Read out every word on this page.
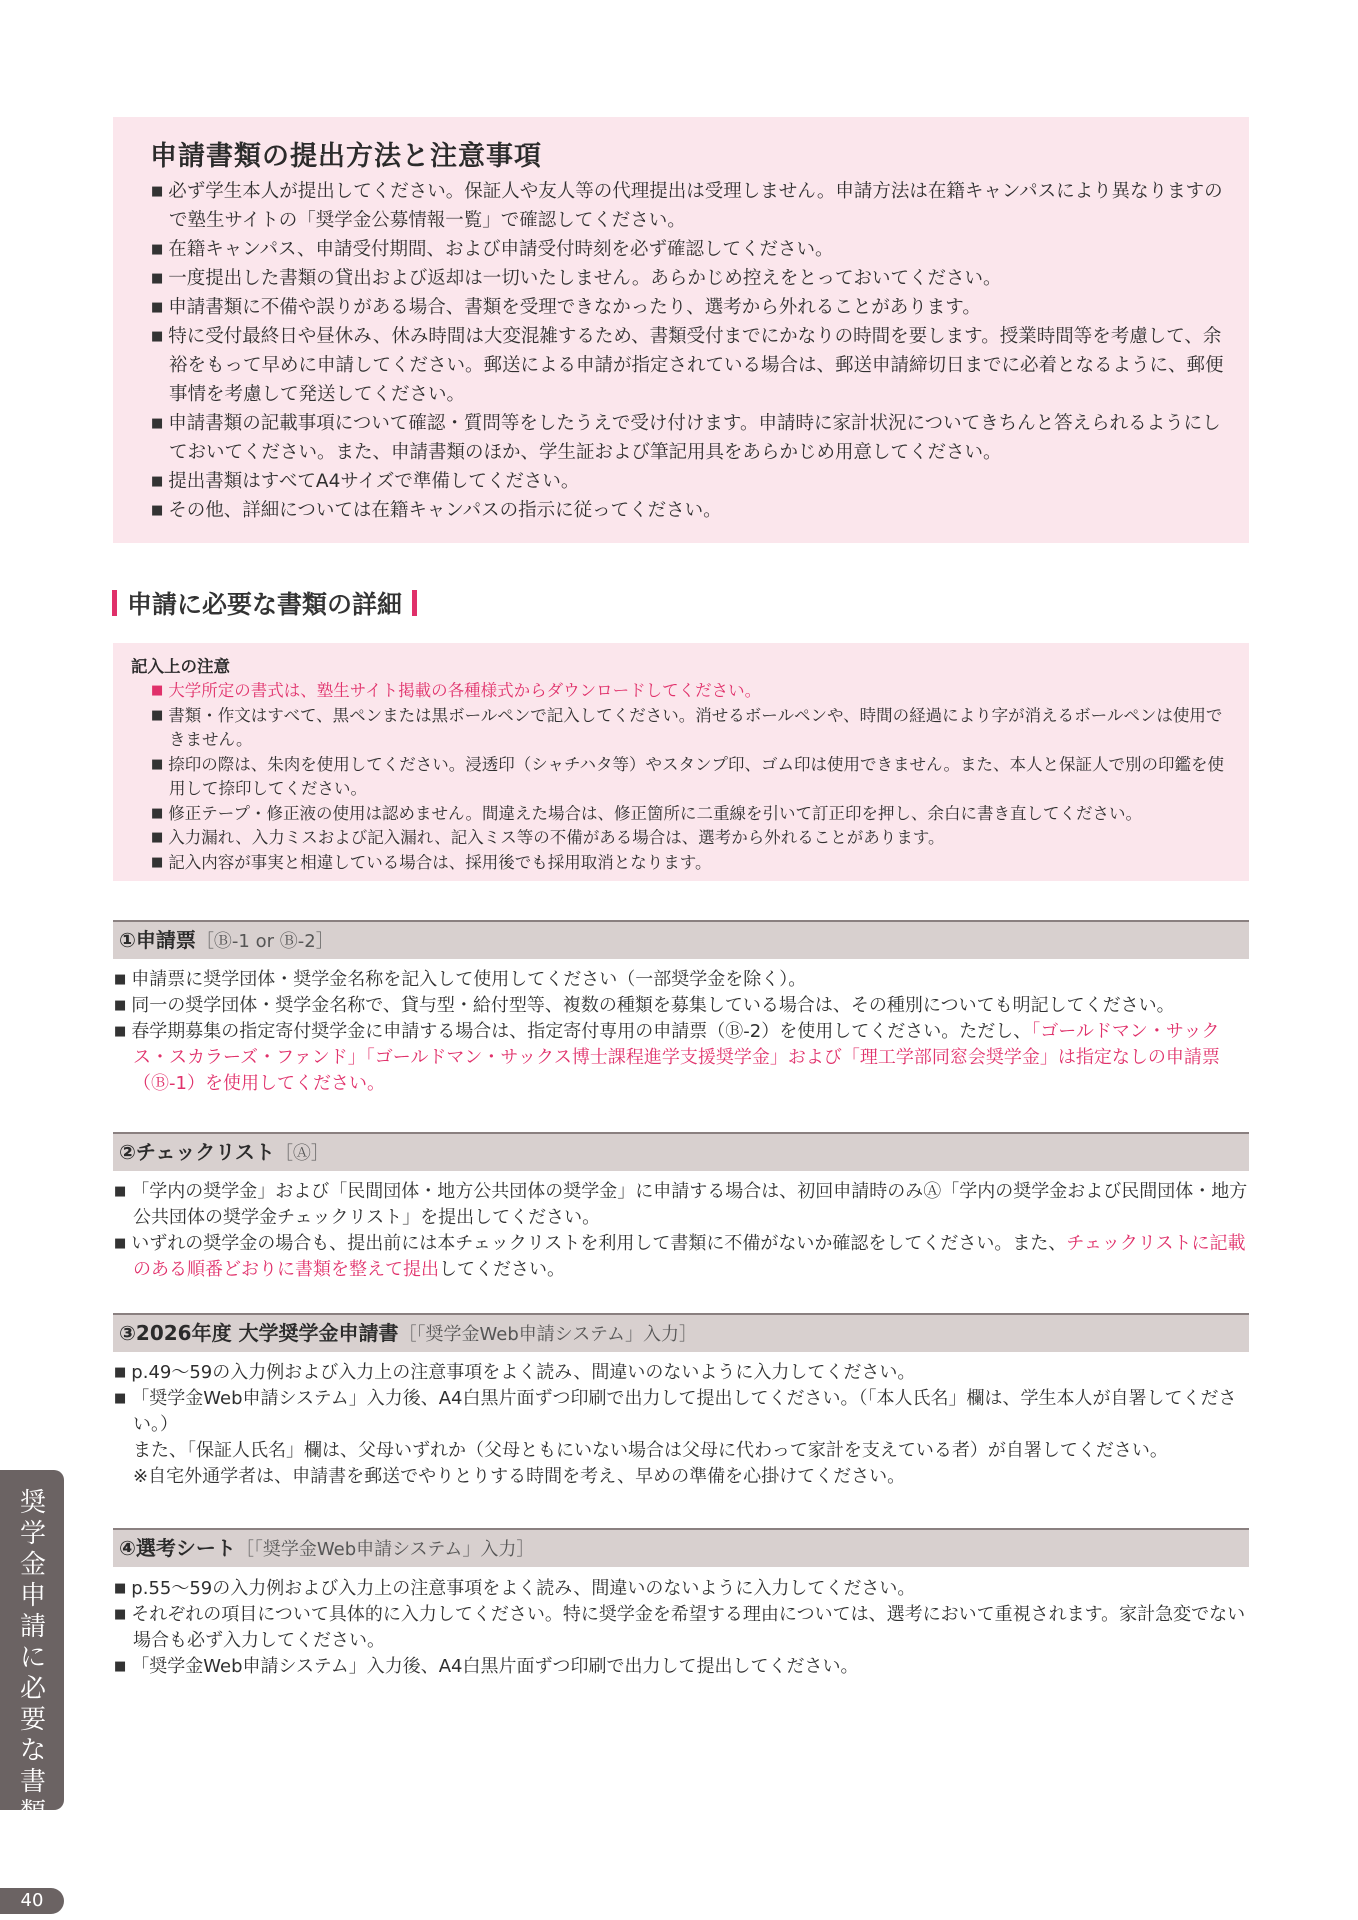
申請書類の提出方法と注意事項
■ 必ず学生本人が提出してください。保証人や友人等の代理提出は受理しません。申請方法は在籍キャンパスにより異なりますので塾生サイトの「奨学金公募情報一覧」で確認してください。
■ 在籍キャンパス、申請受付期間、および申請受付時刻を必ず確認してください。
■ 一度提出した書類の貸出および返却は一切いたしません。あらかじめ控えをとっておいてください。
■ 申請書類に不備や誤りがある場合、書類を受理できなかったり、選考から外れることがあります。
■ 特に受付最終日や昼休み、休み時間は大変混雑するため、書類受付までにかなりの時間を要します。授業時間等を考慮して、余裕をもって早めに申請してください。郵送による申請が指定されている場合は、郵送申請締切日までに必着となるように、郵便事情を考慮して発送してください。
■ 申請書類の記載事項について確認・質問等をしたうえで受け付けます。申請時に家計状況についてきちんと答えられるようにしておいてください。また、申請書類のほか、学生証および筆記用具をあらかじめ用意してください。
■ 提出書類はすべてA4サイズで準備してください。
■ その他、詳細については在籍キャンパスの指示に従ってください。
申請に必要な書類の詳細
記入上の注意
■ 大学所定の書式は、塾生サイト掲載の各種様式からダウンロードしてください。
■ 書類・作文はすべて、黒ペンまたは黒ボールペンで記入してください。消せるボールペンや、時間の経過により字が消えるボールペンは使用できません。
■ 捺印の際は、朱肉を使用してください。浸透印（シャチハタ等）やスタンプ印、ゴム印は使用できません。また、本人と保証人で別の印鑑を使用して捺印してください。
■ 修正テープ・修正液の使用は認めません。間違えた場合は、修正箇所に二重線を引いて訂正印を押し、余白に書き直してください。
■ 入力漏れ、入力ミスおよび記入漏れ、記入ミス等の不備がある場合は、選考から外れることがあります。
■ 記入内容が事実と相違している場合は、採用後でも採用取消となります。
①申請票［Ⓑ-1 or Ⓑ-2］
■ 申請票に奨学団体・奨学金名称を記入して使用してください（一部奨学金を除く）。
■ 同一の奨学団体・奨学金名称で、貸与型・給付型等、複数の種類を募集している場合は、その種別についても明記してください。
■ 春学期募集の指定寄付奨学金に申請する場合は、指定寄付専用の申請票（Ⓑ-2）を使用してください。ただし、「ゴールドマン・サックス・スカラーズ・ファンド」「ゴールドマン・サックス博士課程進学支援奨学金」および「理工学部同窓会奨学金」は指定なしの申請票（Ⓑ-1）を使用してください。
②チェックリスト［Ⓐ］
■ 「学内の奨学金」および「民間団体・地方公共団体の奨学金」に申請する場合は、初回申請時のみⒶ「学内の奨学金および民間団体・地方公共団体の奨学金チェックリスト」を提出してください。
■ いずれの奨学金の場合も、提出前には本チェックリストを利用して書類に不備がないか確認をしてください。また、チェックリストに記載のある順番どおりに書類を整えて提出してください。
③2026年度 大学奨学金申請書［「奨学金Web申請システム」入力］
■ p.49～59の入力例および入力上の注意事項をよく読み、間違いのないように入力してください。
■ 「奨学金Web申請システム」入力後、A4白黒片面ずつ印刷で出力して提出してください。（「本人氏名」欄は、学生本人が自署してください。）
また、「保証人氏名」欄は、父母いずれか（父母ともにいない場合は父母に代わって家計を支えている者）が自署してください。
※自宅外通学者は、申請書を郵送でやりとりする時間を考え、早めの準備を心掛けてください。
④選考シート［「奨学金Web申請システム」入力］
■ p.55～59の入力例および入力上の注意事項をよく読み、間違いのないように入力してください。
■ それぞれの項目について具体的に入力してください。特に奨学金を希望する理由については、選考において重視されます。家計急変でない場合も必ず入力してください。
■ 「奨学金Web申請システム」入力後、A4白黒片面ずつ印刷で出力して提出してください。
奨学金申請に必要な書類
40
